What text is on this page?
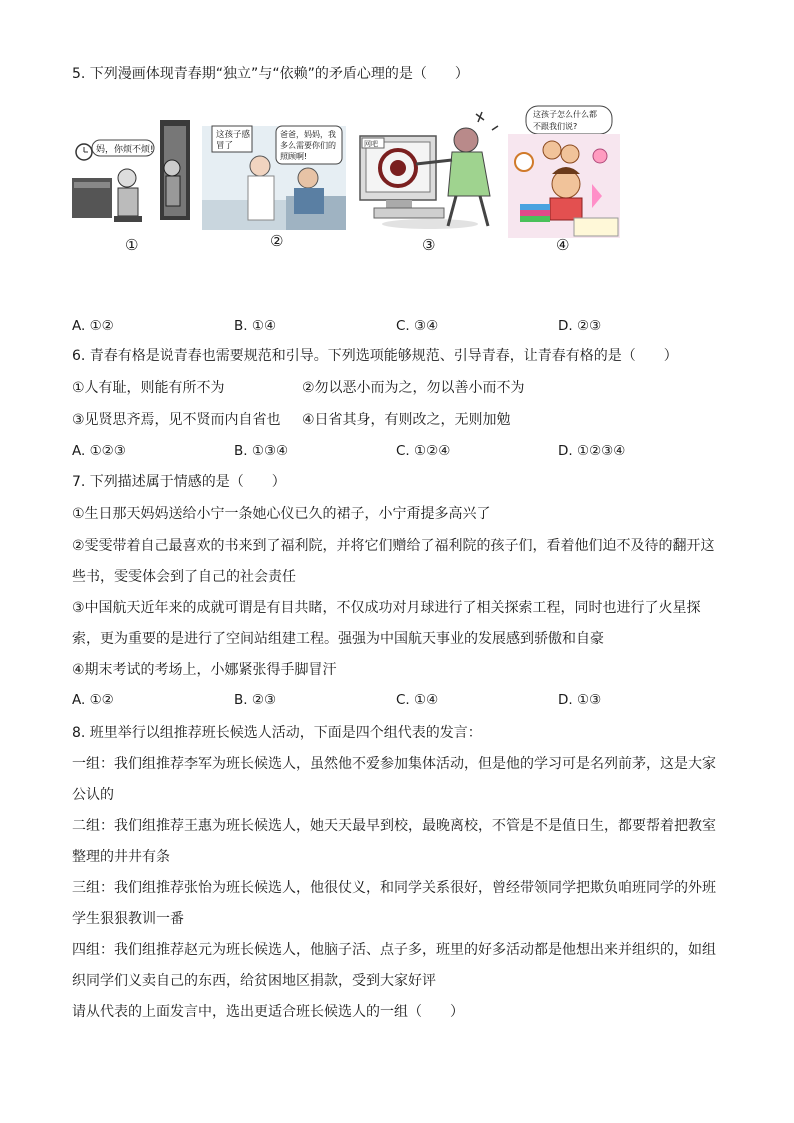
5. 下列漫画体现青春期“独立”与“依赖”的矛盾心理的是（　　）
妈，你烦不烦!
①
这孩子感
冒了
爸爸，妈妈，我
多么需要你们的
照顾啊!
②
网吧
③
这孩子怎么什么都
不跟我们说?
④
A. ①②	B. ①④	C. ③④	D. ②③
6. 青春有格是说青春也需要规范和引导。下列选项能够规范、引导青春，让青春有格的是（　　）
①人有耻，则能有所不为	②勿以恶小而为之，勿以善小而不为
③见贤思齐焉，见不贤而内自省也 ④日省其身，有则改之，无则加勉
A. ①②③	B. ①③④	C. ①②④	D. ①②③④
7. 下列描述属于情感的是（　　）
①生日那天妈妈送给小宁一条她心仪已久的裙子，小宁甭提多高兴了
②雯雯带着自己最喜欢的书来到了福利院，并将它们赠给了福利院的孩子们，看着他们迫不及待的翻开这
些书，雯雯体会到了自己的社会责任
③中国航天近年来的成就可谓是有目共睹，不仅成功对月球进行了相关探索工程，同时也进行了火星探
索，更为重要的是进行了空间站组建工程。强强为中国航天事业的发展感到骄傲和自豪
④期末考试的考场上，小娜紧张得手脚冒汗
A. ①②	B. ②③	C. ①④	D. ①③
8. 班里举行以组推荐班长候选人活动，下面是四个组代表的发言：
一组：我们组推荐李军为班长候选人，虽然他不爱参加集体活动，但是他的学习可是名列前茅，这是大家
公认的
二组：我们组推荐王惠为班长候选人，她天天最早到校，最晚离校，不管是不是值日生，都要帮着把教室
整理的井井有条
三组：我们组推荐张怡为班长候选人，他很仗义，和同学关系很好，曾经带领同学把欺负咱班同学的外班
学生狠狠教训一番
四组：我们组推荐赵元为班长候选人，他脑子活、点子多，班里的好多活动都是他想出来并组织的，如组
织同学们义卖自己的东西，给贫困地区捐款，受到大家好评
请从代表的上面发言中，选出更适合班长候选人的一组（　　）
